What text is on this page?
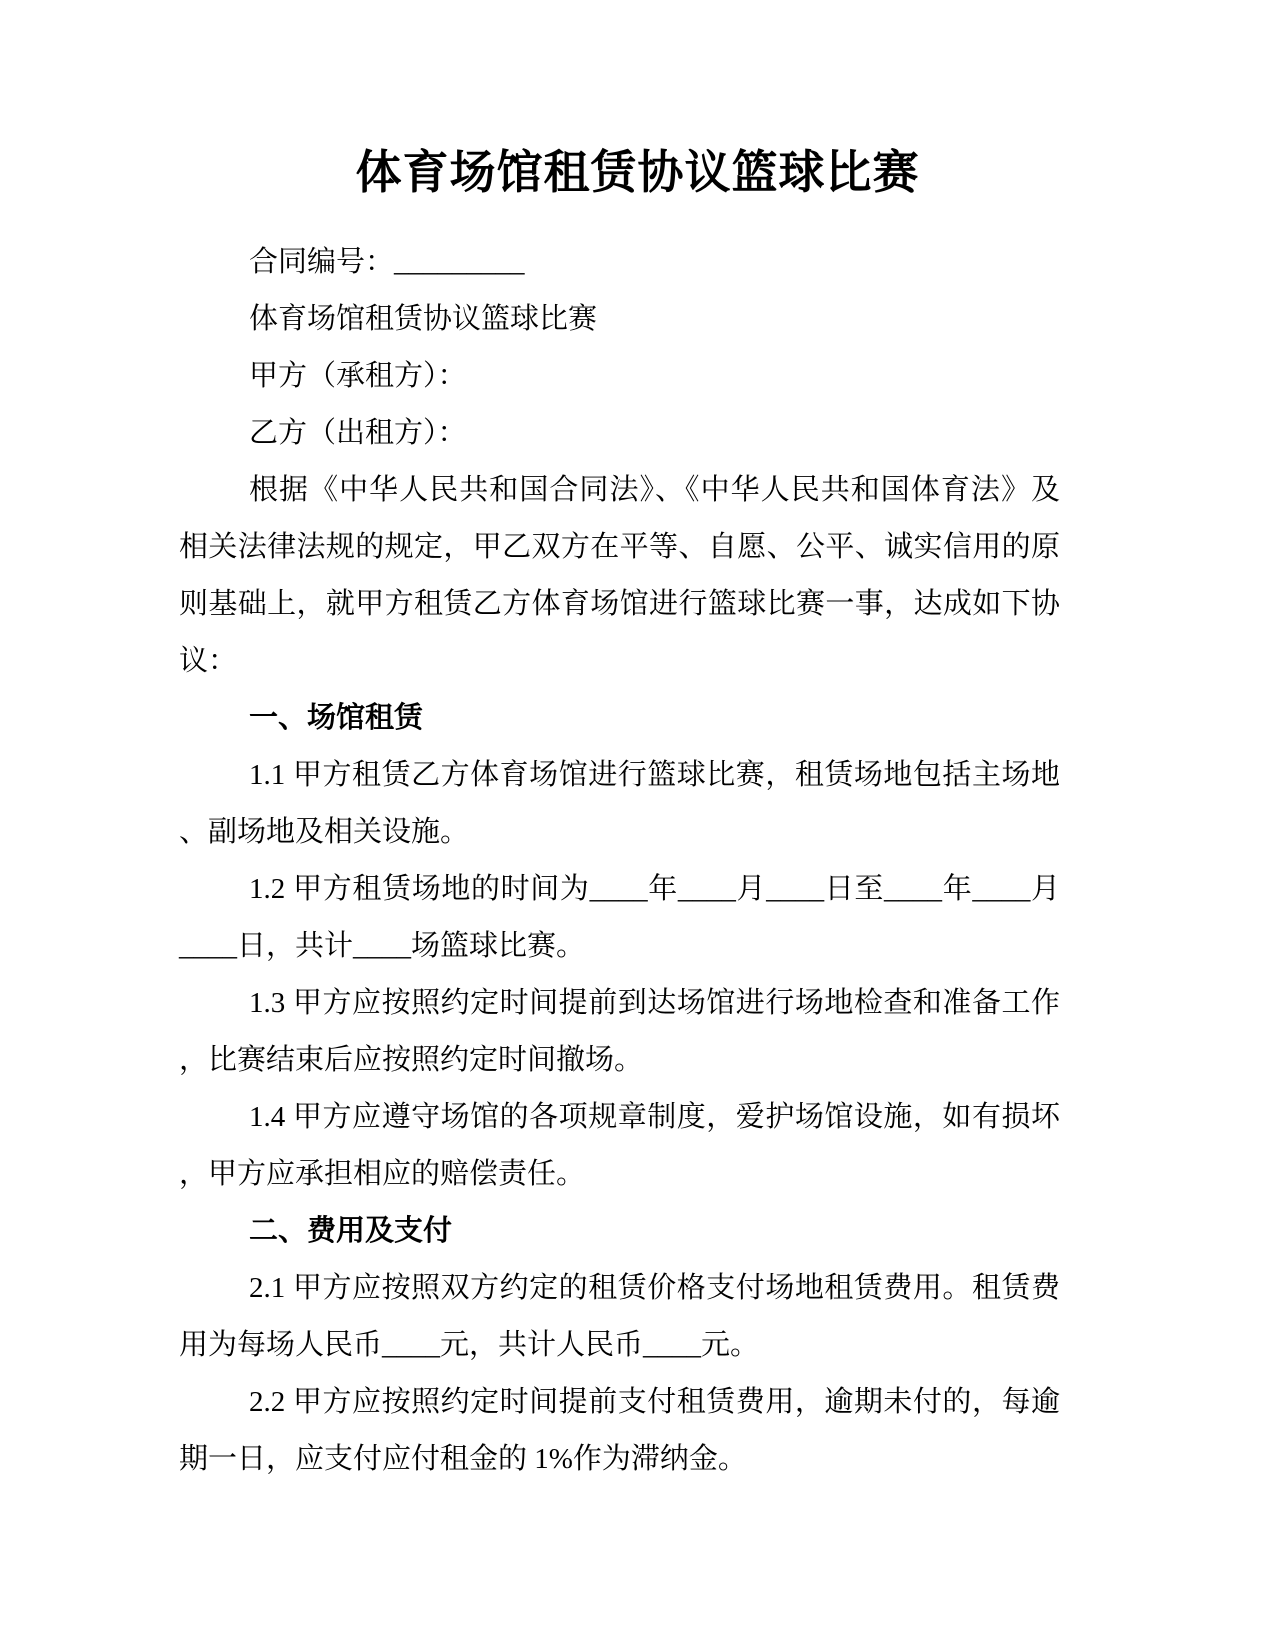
体育场馆租赁协议篮球比赛
合同编号：_________
体育场馆租赁协议篮球比赛
甲方（承租方）：
乙方（出租方）：
根据《中华人民共和国合同法》、《中华人民共和国体育法》及
相关法律法规的规定，甲乙双方在平等、自愿、公平、诚实信用的原
则基础上，就甲方租赁乙方体育场馆进行篮球比赛一事，达成如下协
议：
一、场馆租赁
1.1 甲方租赁乙方体育场馆进行篮球比赛，租赁场地包括主场地
、副场地及相关设施。
1.2 甲方租赁场地的时间为____年____月____日至____年____月
____日，共计____场篮球比赛。
1.3 甲方应按照约定时间提前到达场馆进行场地检查和准备工作
，比赛结束后应按照约定时间撤场。
1.4 甲方应遵守场馆的各项规章制度，爱护场馆设施，如有损坏
，甲方应承担相应的赔偿责任。
二、费用及支付
2.1 甲方应按照双方约定的租赁价格支付场地租赁费用。租赁费
用为每场人民币____元，共计人民币____元。
2.2 甲方应按照约定时间提前支付租赁费用，逾期未付的，每逾
期一日，应支付应付租金的 1%作为滞纳金。
